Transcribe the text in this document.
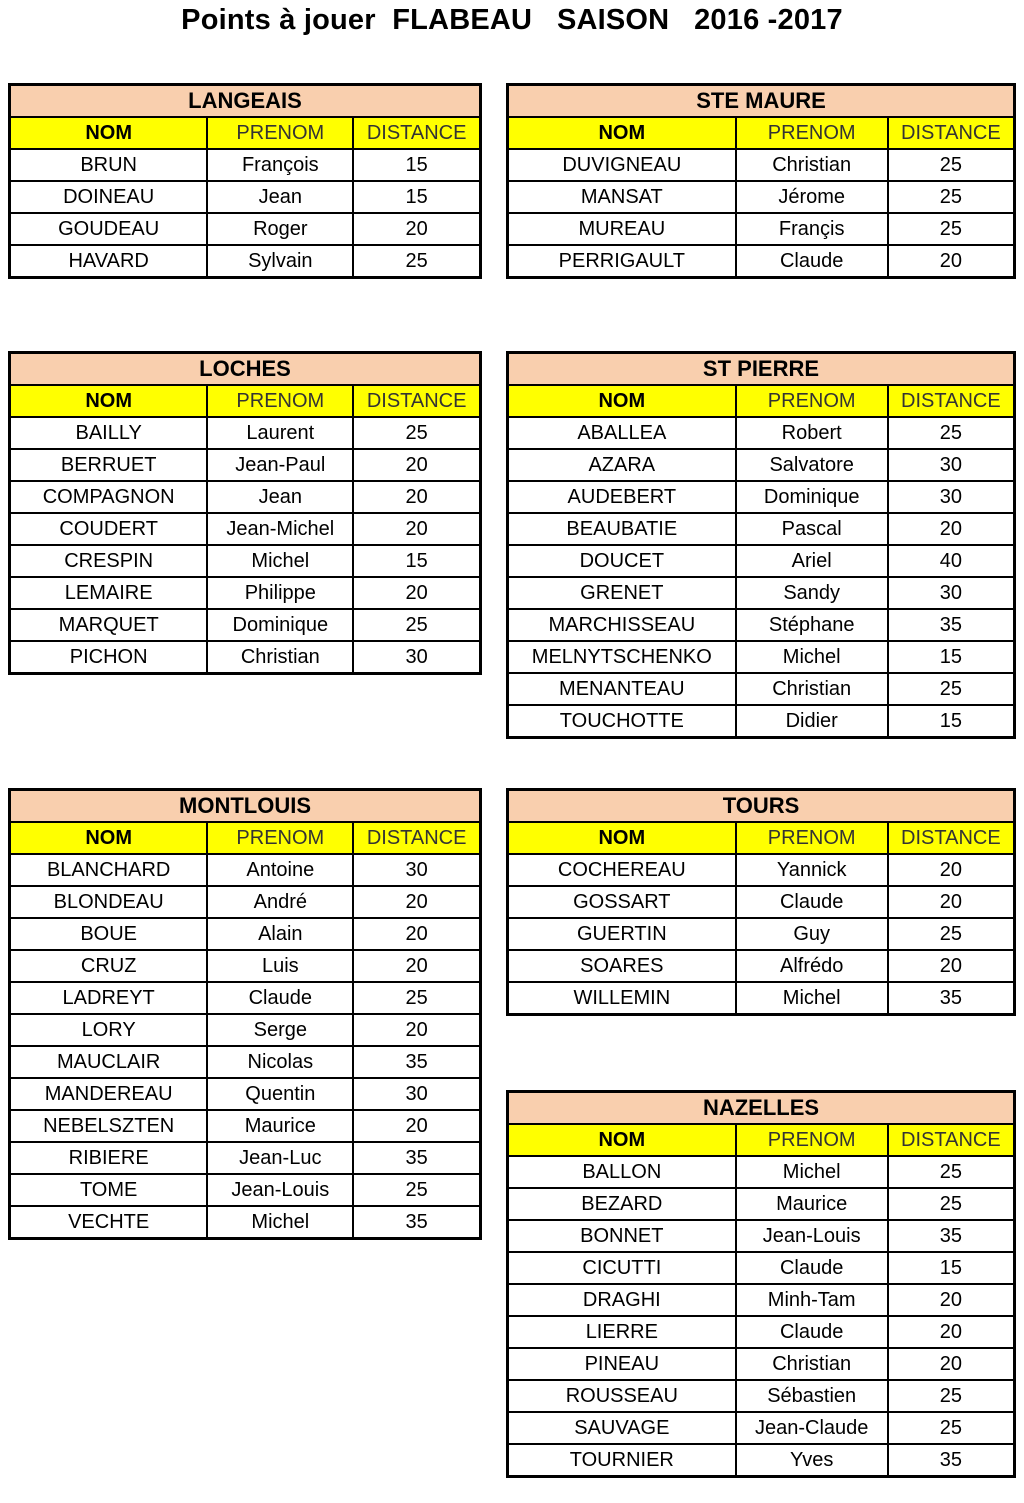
Points à jouer  FLABEAU   SAISON   2016 -2017
LANGEAIS		
NOM	PRENOM	DISTANCE
BRUN	François	15
DOINEAU	Jean	15
GOUDEAU	Roger	20
HAVARD	Sylvain	25
STE MAURE		
NOM	PRENOM	DISTANCE
DUVIGNEAU	Christian	25
MANSAT	Jérome	25
MUREAU	Françis	25
PERRIGAULT	Claude	20
LOCHES		
NOM	PRENOM	DISTANCE
BAILLY	Laurent	25
BERRUET	Jean-Paul	20
COMPAGNON	Jean	20
COUDERT	Jean-Michel	20
CRESPIN	Michel	15
LEMAIRE	Philippe	20
MARQUET	Dominique	25
PICHON	Christian	30
ST PIERRE		
NOM	PRENOM	DISTANCE
ABALLEA	Robert	25
AZARA	Salvatore	30
AUDEBERT	Dominique	30
BEAUBATIE	Pascal	20
DOUCET	Ariel	40
GRENET	Sandy	30
MARCHISSEAU	Stéphane	35
MELNYTSCHENKO	Michel	15
MENANTEAU	Christian	25
TOUCHOTTE	Didier	15
MONTLOUIS		
NOM	PRENOM	DISTANCE
BLANCHARD	Antoine	30
BLONDEAU	André	20
BOUE	Alain	20
CRUZ	Luis	20
LADREYT	Claude	25
LORY	Serge	20
MAUCLAIR	Nicolas	35
MANDEREAU	Quentin	30
NEBELSZTEN	Maurice	20
RIBIERE	Jean-Luc	35
TOME	Jean-Louis	25
VECHTE	Michel	35
TOURS		
NOM	PRENOM	DISTANCE
COCHEREAU	Yannick	20
GOSSART	Claude	20
GUERTIN	Guy	25
SOARES	Alfrédo	20
WILLEMIN	Michel	35
NAZELLES		
NOM	PRENOM	DISTANCE
BALLON	Michel	25
BEZARD	Maurice	25
BONNET	Jean-Louis	35
CICUTTI	Claude	15
DRAGHI	Minh-Tam	20
LIERRE	Claude	20
PINEAU	Christian	20
ROUSSEAU	Sébastien	25
SAUVAGE	Jean-Claude	25
TOURNIER	Yves	35
